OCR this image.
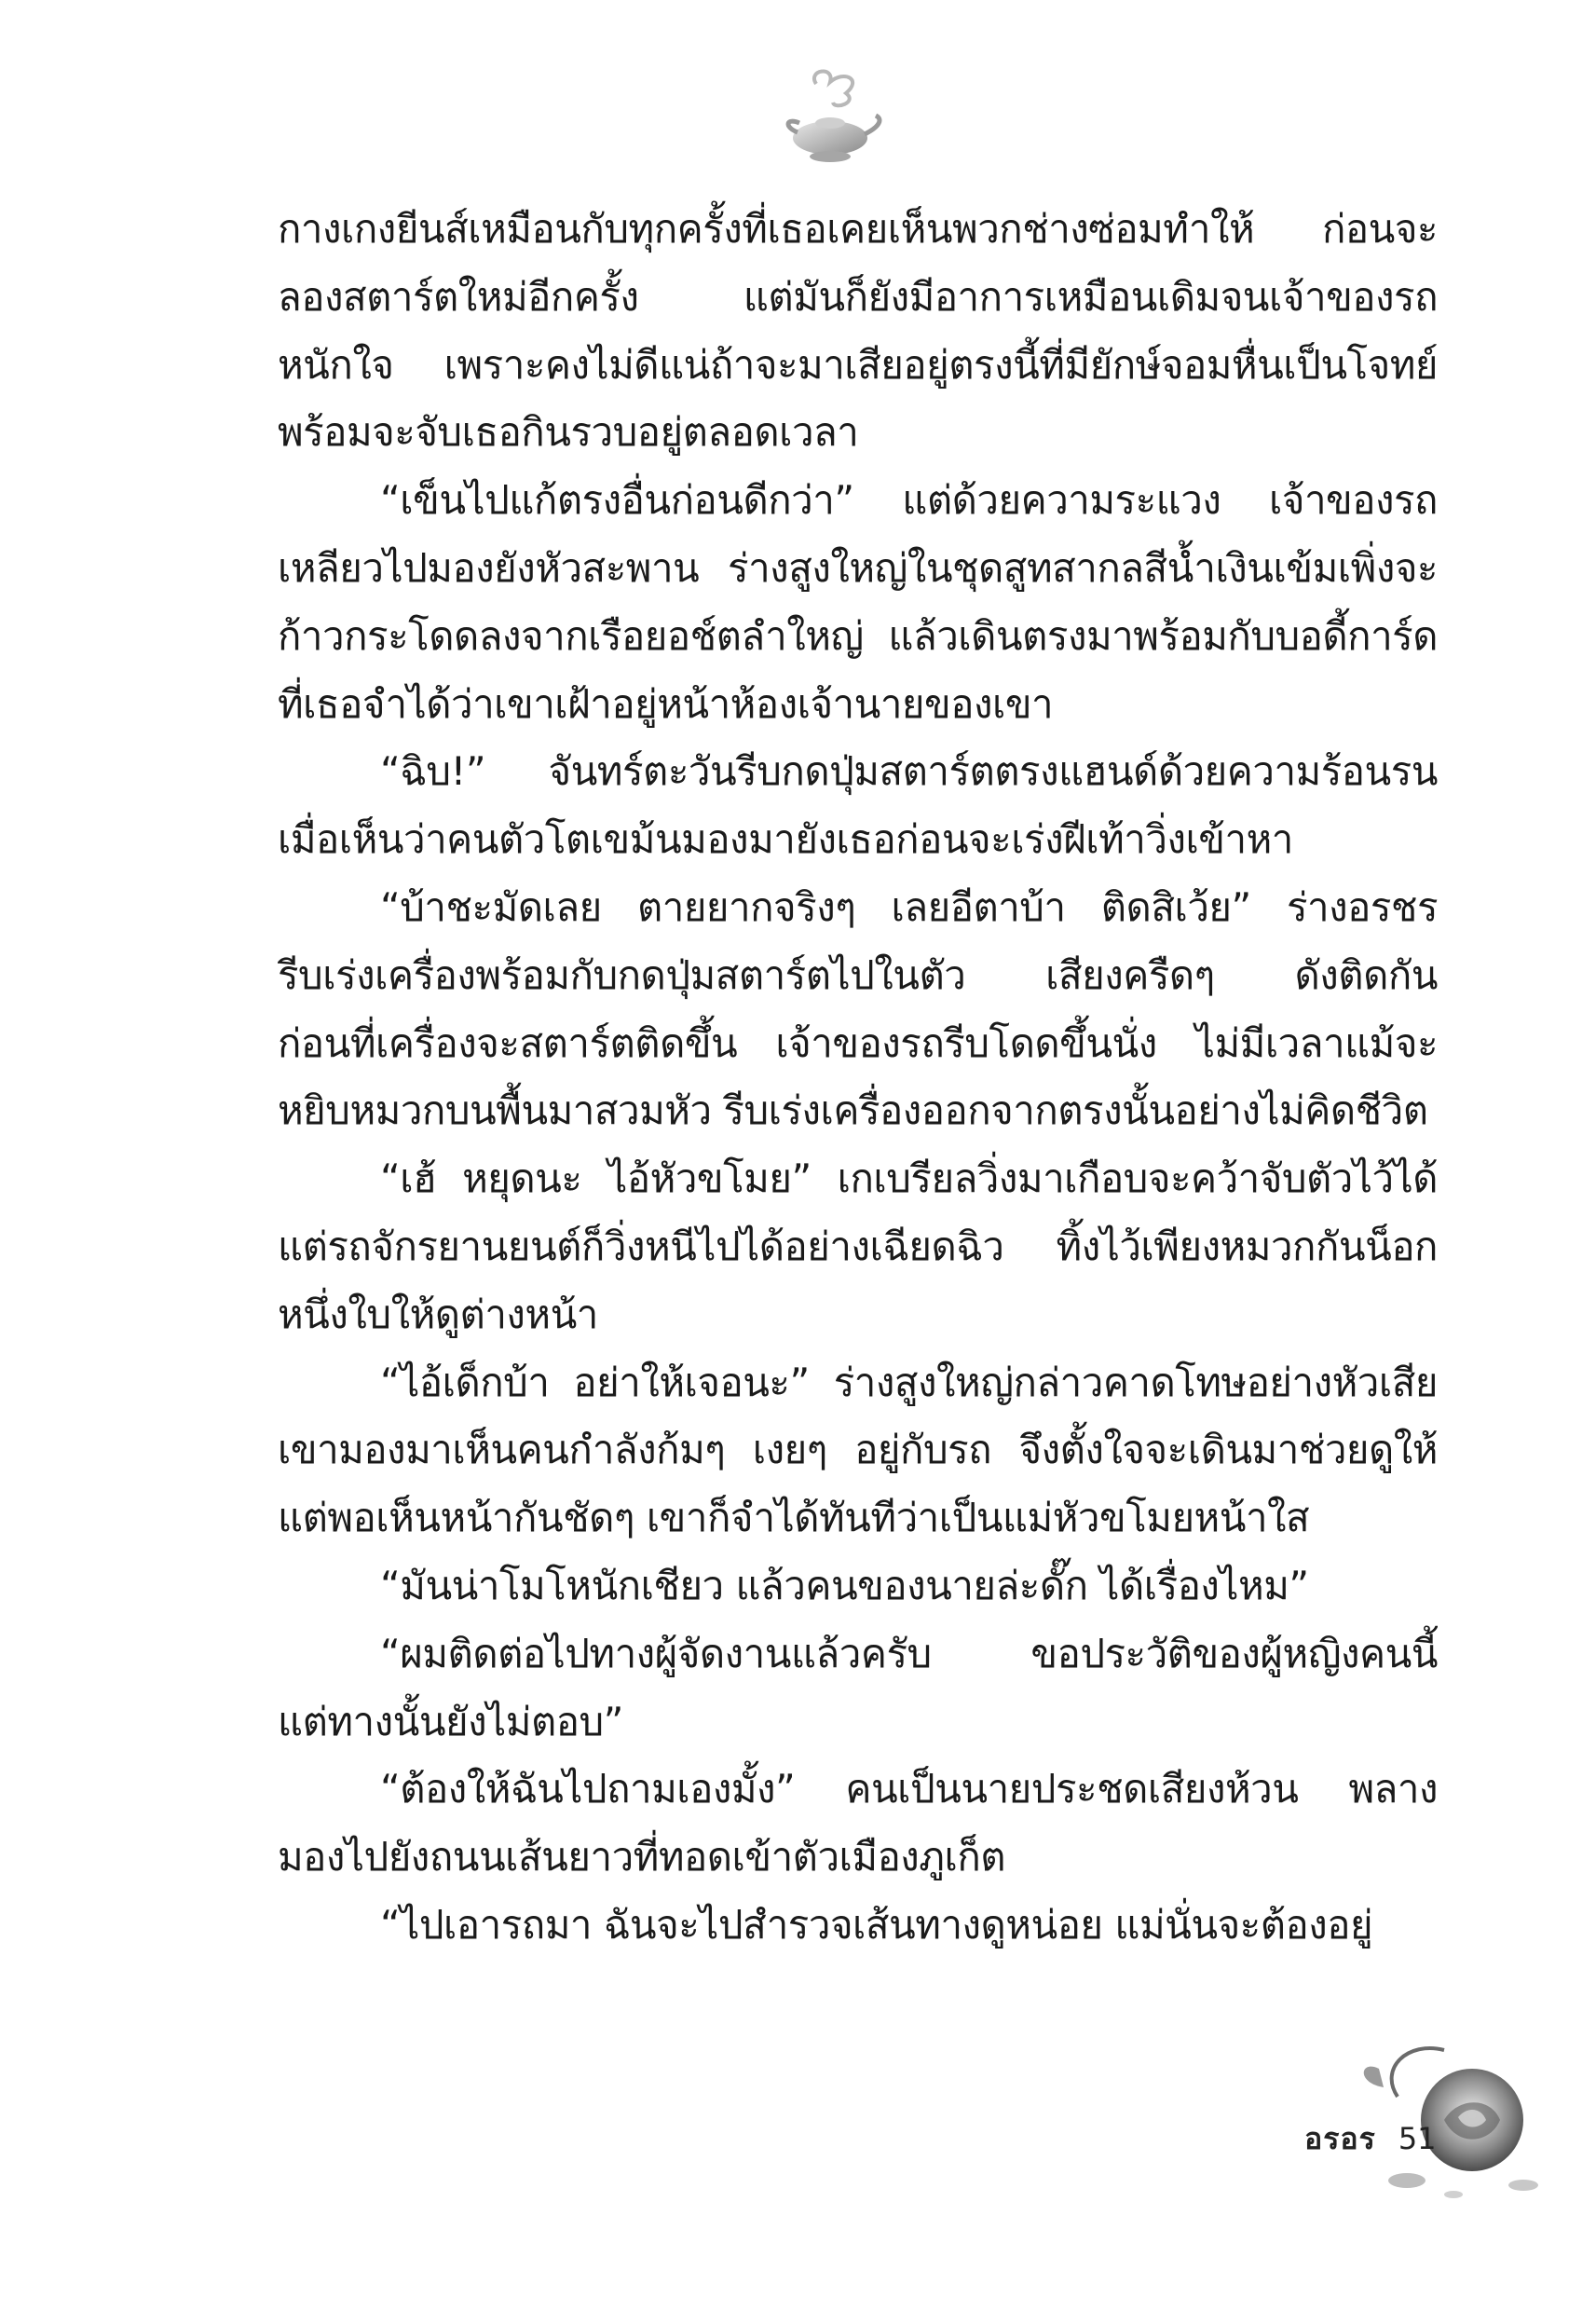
กางเกงยีนส์เหมือนกับทุกครั้งที่เธอเคยเห็นพวกช่างซ่อมทำให้ ก่อนจะ
ลองสตาร์ตใหม่อีกครั้ง แต่มันก็ยังมีอาการเหมือนเดิมจนเจ้าของรถ
หนักใจ เพราะคงไม่ดีแน่ถ้าจะมาเสียอยู่ตรงนี้ที่มียักษ์จอมหื่นเป็นโจทย์
พร้อมจะจับเธอกินรวบอยู่ตลอดเวลา
“เข็นไปแก้ตรงอื่นก่อนดีกว่า” แต่ด้วยความระแวง เจ้าของรถ
เหลียวไปมองยังหัวสะพาน ร่างสูงใหญ่ในชุดสูทสากลสีน้ำเงินเข้มเพิ่งจะ
ก้าวกระโดดลงจากเรือยอช์ตลำใหญ่ แล้วเดินตรงมาพร้อมกับบอดี้การ์ด
ที่เธอจำได้ว่าเขาเฝ้าอยู่หน้าห้องเจ้านายของเขา
“ฉิบ!” จันทร์ตะวันรีบกดปุ่มสตาร์ตตรงแฮนด์ด้วยความร้อนรน
เมื่อเห็นว่าคนตัวโตเขม้นมองมายังเธอก่อนจะเร่งฝีเท้าวิ่งเข้าหา
“บ้าชะมัดเลย ตายยากจริงๆ เลยอีตาบ้า ติดสิเว้ย” ร่างอรชร
รีบเร่งเครื่องพร้อมกับกดปุ่มสตาร์ตไปในตัว เสียงครืดๆ ดังติดกัน
ก่อนที่เครื่องจะสตาร์ตติดขึ้น เจ้าของรถรีบโดดขึ้นนั่ง ไม่มีเวลาแม้จะ
หยิบหมวกบนพื้นมาสวมหัว รีบเร่งเครื่องออกจากตรงนั้นอย่างไม่คิดชีวิต
“เฮ้ หยุดนะ ไอ้หัวขโมย” เกเบรียลวิ่งมาเกือบจะคว้าจับตัวไว้ได้
แต่รถจักรยานยนต์ก็วิ่งหนีไปได้อย่างเฉียดฉิว ทิ้งไว้เพียงหมวกกันน็อก
หนึ่งใบให้ดูต่างหน้า
“ไอ้เด็กบ้า อย่าให้เจอนะ” ร่างสูงใหญ่กล่าวคาดโทษอย่างหัวเสีย
เขามองมาเห็นคนกำลังก้มๆ เงยๆ อยู่กับรถ จึงตั้งใจจะเดินมาช่วยดูให้
แต่พอเห็นหน้ากันชัดๆ เขาก็จำได้ทันทีว่าเป็นแม่หัวขโมยหน้าใส
“มันน่าโมโหนักเชียว แล้วคนของนายล่ะดั๊ก ได้เรื่องไหม”
“ผมติดต่อไปทางผู้จัดงานแล้วครับ ขอประวัติของผู้หญิงคนนี้
แต่ทางนั้นยังไม่ตอบ”
“ต้องให้ฉันไปถามเองมั้ง” คนเป็นนายประชดเสียงห้วน พลาง
มองไปยังถนนเส้นยาวที่ทอดเข้าตัวเมืองภูเก็ต
“ไปเอารถมา ฉันจะไปสำรวจเส้นทางดูหน่อย แม่นั่นจะต้องอยู่
อรอร 51
